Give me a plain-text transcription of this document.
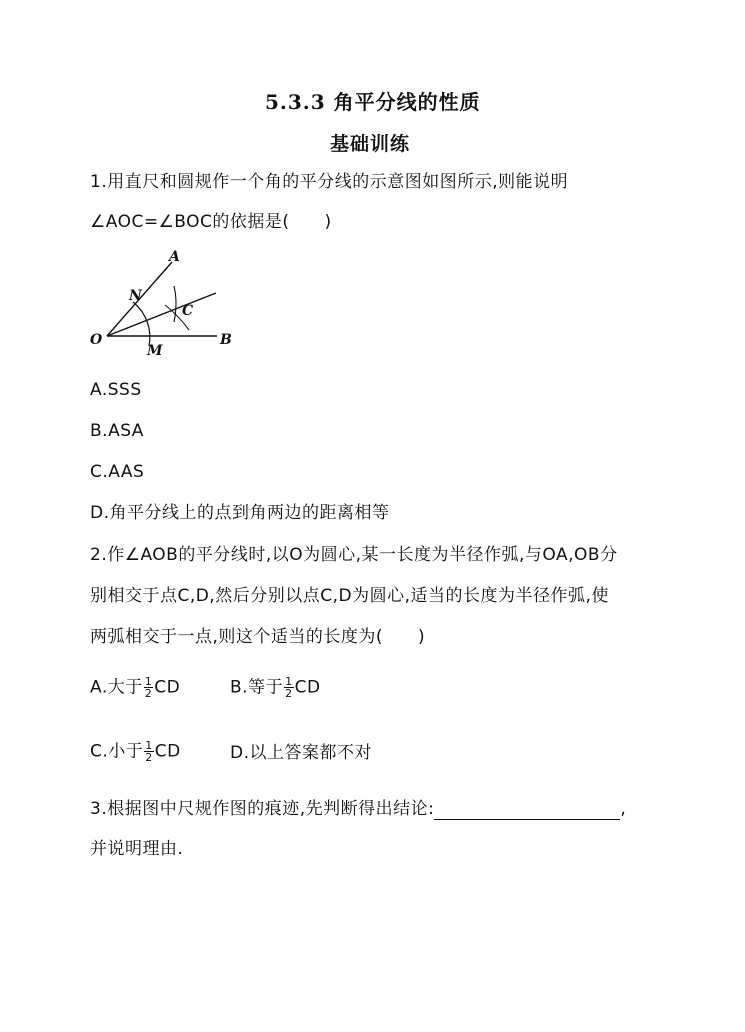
5.3.3 角平分线的性质
基础训练
1.用直尺和圆规作一个角的平分线的示意图如图所示,则能说明
∠AOC=∠BOC的依据是(　　)
A
N
C
O	B
M
A.SSS
B.ASA
C.AAS
D.角平分线上的点到角两边的距离相等
2.作∠AOB的平分线时,以O为圆心,某一长度为半径作弧,与OA,OB分
别相交于点C,D,然后分别以点C,D为圆心,适当的长度为半径作弧,使
两弧相交于一点,则这个适当的长度为(　　)
A.大于 $\frac{1}{2}$ CD	B.等于 $\frac{1}{2}$ CD
C.小于 $\frac{1}{2}$ CD	D.以上答案都不对
3.根据图中尺规作图的痕迹,先判断得出结论:	,
并说明理由.
